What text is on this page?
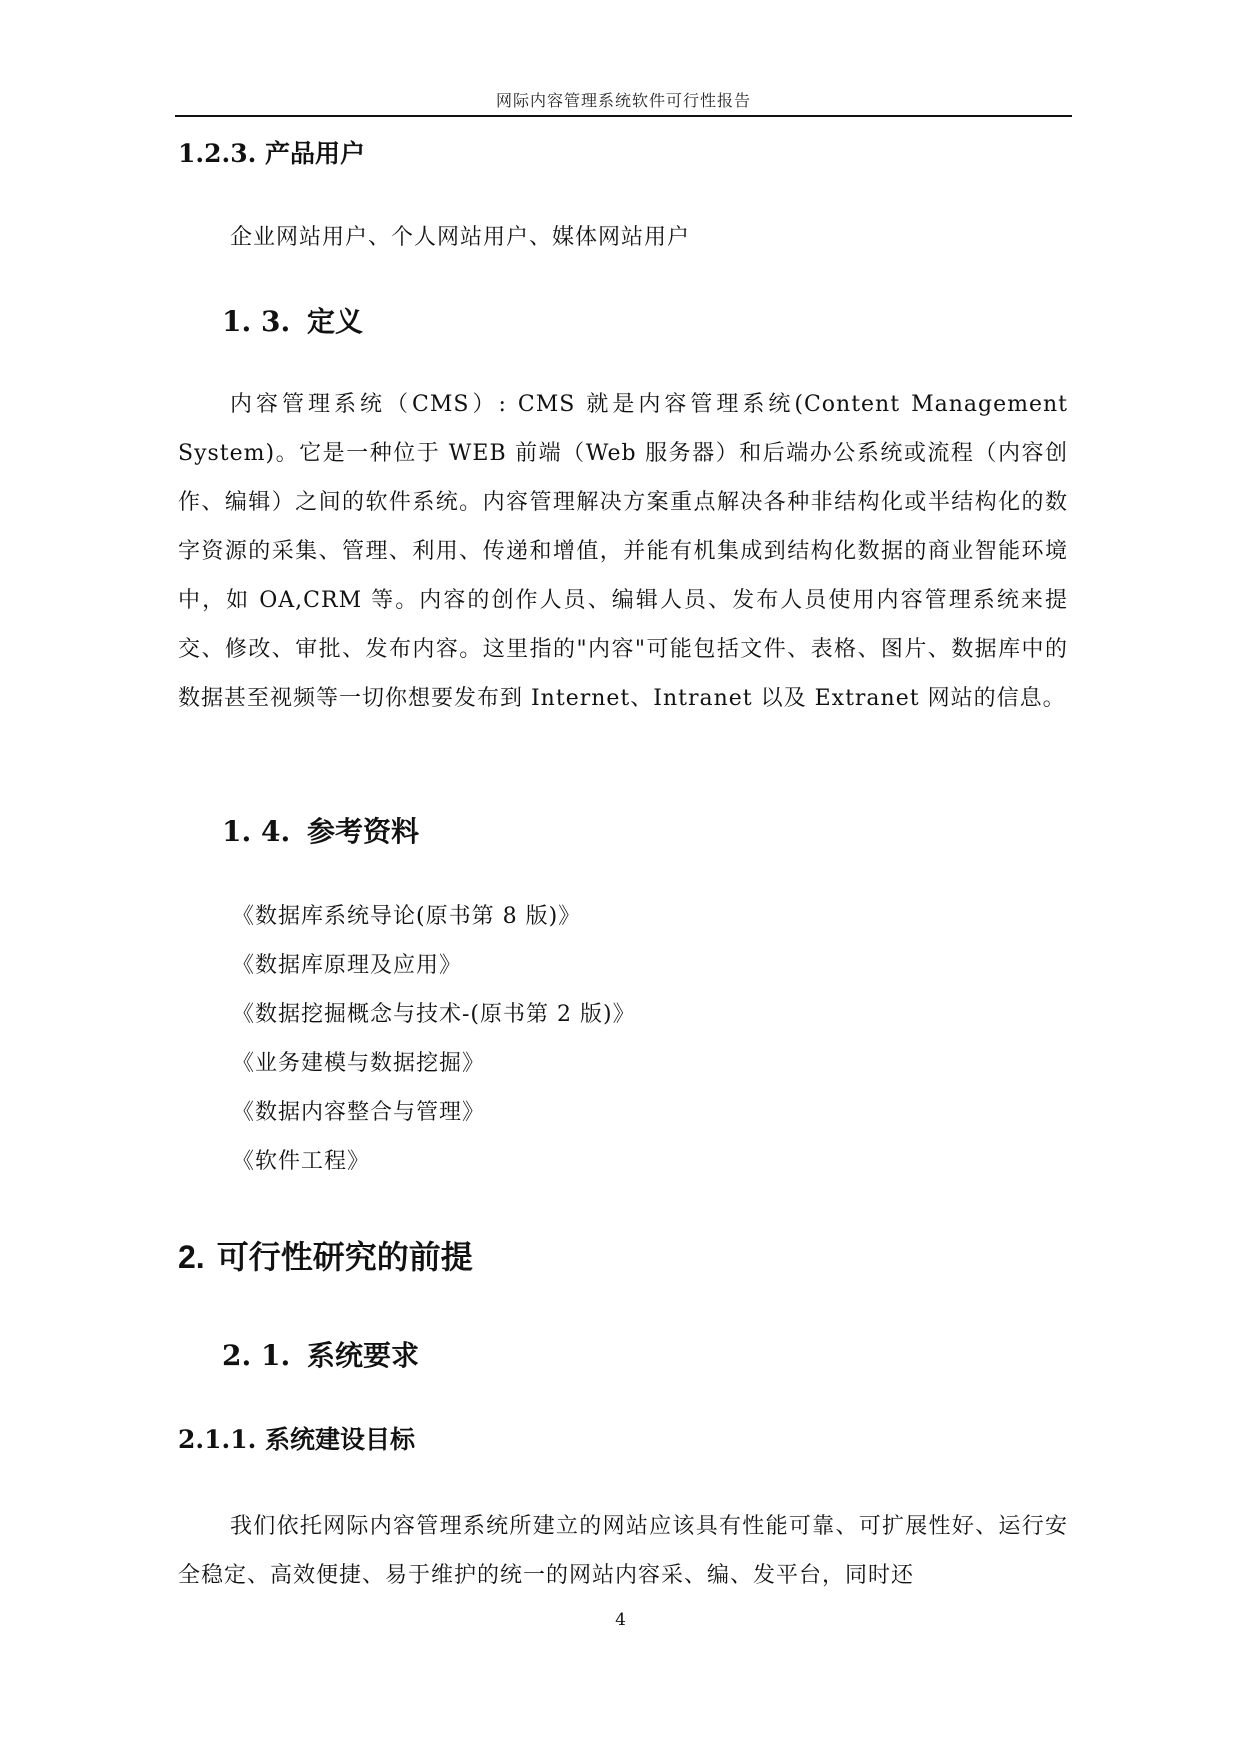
网际内容管理系统软件可行性报告
1.2.3. 产品用户
企业网站用户、个人网站用户、媒体网站用户
1. 3. 定义
内容管理系统（CMS）: CMS 就是内容管理系统(Content Management System)。它是一种位于 WEB 前端（Web 服务器）和后端办公系统或流程（内容创作、编辑）之间的软件系统。内容管理解决方案重点解决各种非结构化或半结构化的数字资源的采集、管理、利用、传递和增值，并能有机集成到结构化数据的商业智能环境中，如 OA,CRM 等。内容的创作人员、编辑人员、发布人员使用内容管理系统来提交、修改、审批、发布内容。这里指的"内容"可能包括文件、表格、图片、数据库中的数据甚至视频等一切你想要发布到 Internet、Intranet 以及 Extranet 网站的信息。
1. 4. 参考资料
《数据库系统导论(原书第 8 版)》
《数据库原理及应用》
《数据挖掘概念与技术-(原书第 2 版)》
《业务建模与数据挖掘》
《数据内容整合与管理》
《软件工程》
2. 可行性研究的前提
2. 1. 系统要求
2.1.1. 系统建设目标
我们依托网际内容管理系统所建立的网站应该具有性能可靠、可扩展性好、运行安全稳定、高效便捷、易于维护的统一的网站内容采、编、发平台，同时还
4
